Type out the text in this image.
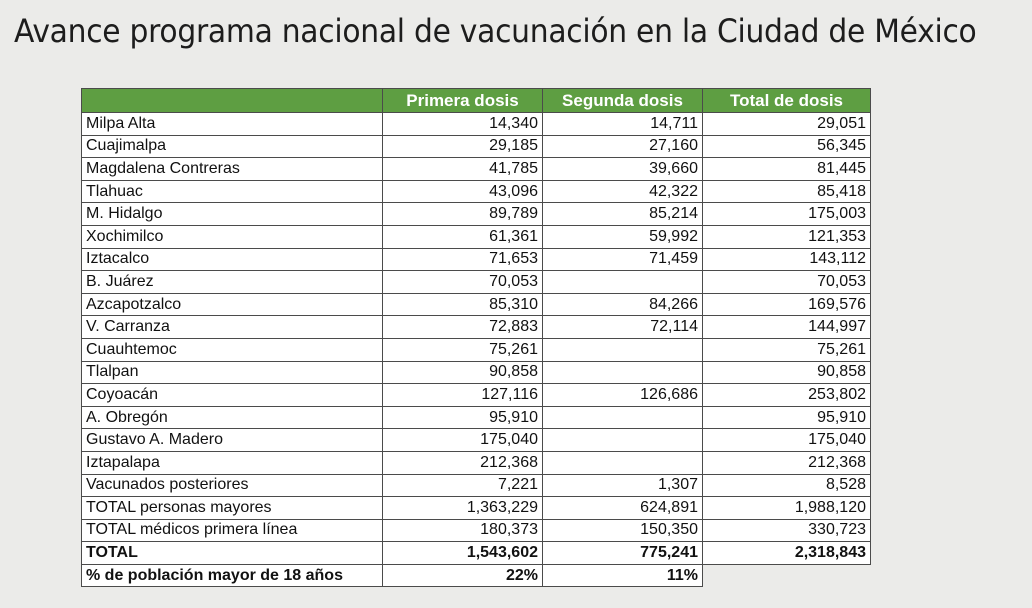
Avance programa nacional de vacunación en la Ciudad de México
	Primera dosis	Segunda dosis	Total de dosis
Milpa Alta	14,340	14,711	29,051
Cuajimalpa	29,185	27,160	56,345
Magdalena Contreras	41,785	39,660	81,445
Tlahuac	43,096	42,322	85,418
M. Hidalgo	89,789	85,214	175,003
Xochimilco	61,361	59,992	121,353
Iztacalco	71,653	71,459	143,112
B. Juárez	70,053		70,053
Azcapotzalco	85,310	84,266	169,576
V. Carranza	72,883	72,114	144,997
Cuauhtemoc	75,261		75,261
Tlalpan	90,858		90,858
Coyoacán	127,116	126,686	253,802
A. Obregón	95,910		95,910
Gustavo A. Madero	175,040		175,040
Iztapalapa	212,368		212,368
Vacunados posteriores	7,221	1,307	8,528
TOTAL personas mayores	1,363,229	624,891	1,988,120
TOTAL médicos primera línea	180,373	150,350	330,723
TOTAL	1,543,602	775,241	2,318,843
% de población mayor de 18 años	22%	11%	
